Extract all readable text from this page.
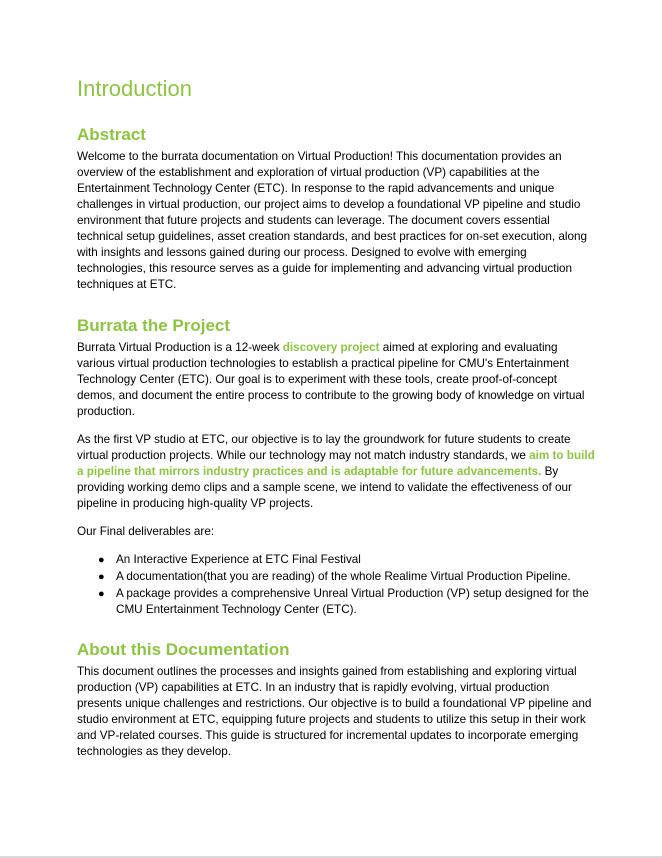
Introduction
Abstract

Welcome to the burrata documentation on Virtual Production! This documentation provides an overview of the establishment and exploration of virtual production (VP) capabilities at the Entertainment Technology Center (ETC). In response to the rapid advancements and unique challenges in virtual production, our project aims to develop a foundational VP pipeline and studio environment that future projects and students can leverage. The document covers essential technical setup guidelines, asset creation standards, and best practices for on-set execution, along with insights and lessons gained during our process. Designed to evolve with emerging technologies, this resource serves as a guide for implementing and advancing virtual production techniques at ETC.

Burrata the Project

Burrata Virtual Production is a 12-week discovery project aimed at exploring and evaluating various virtual production technologies to establish a practical pipeline for CMU's Entertainment Technology Center (ETC). Our goal is to experiment with these tools, create proof-of-concept demos, and document the entire process to contribute to the growing body of knowledge on virtual production.

As the first VP studio at ETC, our objective is to lay the groundwork for future students to create virtual production projects. While our technology may not match industry standards, we aim to build a pipeline that mirrors industry practices and is adaptable for future advancements. By providing working demo clips and a sample scene, we intend to validate the effectiveness of our pipeline in producing high-quality VP projects.

Our Final deliverables are:

● An Interactive Experience at ETC Final Festival
● A documentation(that you are reading) of the whole Realime Virtual Production Pipeline.
● A package provides a comprehensive Unreal Virtual Production (VP) setup designed for the CMU Entertainment Technology Center (ETC).
About this Documentation

This document outlines the processes and insights gained from establishing and exploring virtual production (VP) capabilities at ETC. In an industry that is rapidly evolving, virtual production presents unique challenges and restrictions. Our objective is to build a foundational VP pipeline and studio environment at ETC, equipping future projects and students to utilize this setup in their work and VP-related courses. This guide is structured for incremental updates to incorporate emerging technologies as they develop.
